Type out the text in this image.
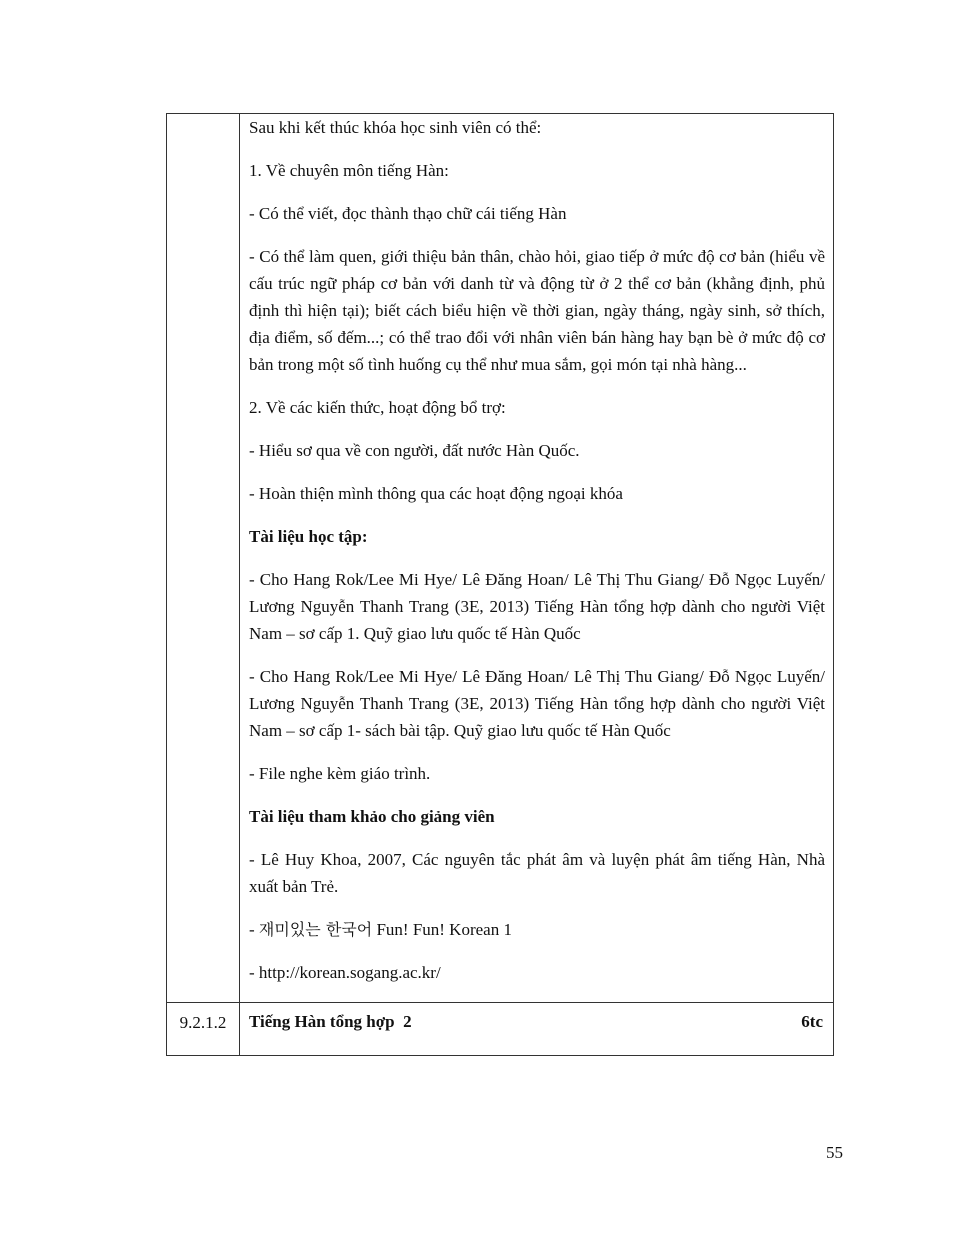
Sau khi kết thúc khóa học sinh viên có thể:

1. Về chuyên môn tiếng Hàn:

- Có thể viết, đọc thành thạo chữ cái tiếng Hàn

- Có thể làm quen, giới thiệu bản thân, chào hỏi, giao tiếp ở mức độ cơ bản (hiểu về cấu trúc ngữ pháp cơ bản với danh từ và động từ ở 2 thể cơ bản (khẳng định, phủ định thì hiện tại); biết cách biểu hiện về thời gian, ngày tháng, ngày sinh, sở thích, địa điểm, số đếm...; có thể trao đổi với nhân viên bán hàng hay bạn bè ở mức độ cơ bản trong một số tình huống cụ thể như mua sắm, gọi món tại nhà hàng...

2. Về các kiến thức, hoạt động bổ trợ:

- Hiểu sơ qua về con người, đất nước Hàn Quốc.

- Hoàn thiện mình thông qua các hoạt động ngoại khóa

Tài liệu học tập:

- Cho Hang Rok/Lee Mi Hye/ Lê Đăng Hoan/ Lê Thị Thu Giang/ Đỗ Ngọc Luyến/ Lương Nguyễn Thanh Trang (3E, 2013) Tiếng Hàn tổng hợp dành cho người Việt Nam – sơ cấp 1. Quỹ giao lưu quốc tế Hàn Quốc

- Cho Hang Rok/Lee Mi Hye/ Lê Đăng Hoan/ Lê Thị Thu Giang/ Đỗ Ngọc Luyến/ Lương Nguyễn Thanh Trang (3E, 2013) Tiếng Hàn tổng hợp dành cho người Việt Nam – sơ cấp 1- sách bài tập. Quỹ giao lưu quốc tế Hàn Quốc

- File nghe kèm giáo trình.

Tài liệu tham khảo cho giảng viên

- Lê Huy Khoa, 2007, Các nguyên tắc phát âm và luyện phát âm tiếng Hàn, Nhà xuất bản Trẻ.

- 재미있는 한국어 Fun! Fun! Korean 1

- http://korean.sogang.ac.kr/

9.2.1.2	Tiếng Hàn tổng hợp  2	6tc
55
